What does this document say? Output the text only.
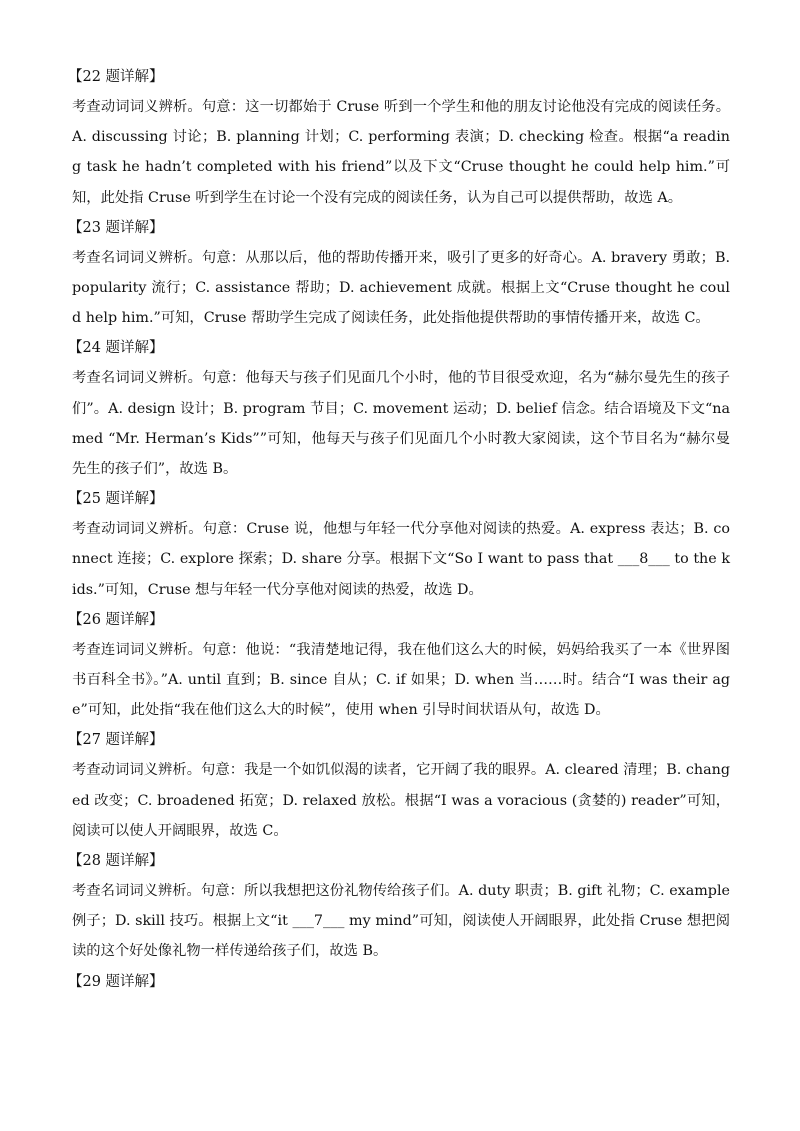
【22 题详解】

考查动词词义辨析。句意：这一切都始于 Cruse 听到一个学生和他的朋友讨论他没有完成的阅读任务。A. discussing 讨论；B. planning 计划；C. performing 表演；D. checking 检查。根据“a reading task he hadn’t completed with his friend”以及下文“Cruse thought he could help him.”可知，此处指 Cruse 听到学生在讨论一个没有完成的阅读任务，认为自己可以提供帮助，故选 A。

【23 题详解】

考查名词词义辨析。句意：从那以后，他的帮助传播开来，吸引了更多的好奇心。A. bravery 勇敢；B. popularity 流行；C. assistance 帮助；D. achievement 成就。根据上文“Cruse thought he could help him.”可知，Cruse 帮助学生完成了阅读任务，此处指他提供帮助的事情传播开来，故选 C。

【24 题详解】

考查名词词义辨析。句意：他每天与孩子们见面几个小时，他的节目很受欢迎，名为“赫尔曼先生的孩子们”。A. design 设计；B. program 节目；C. movement 运动；D. belief 信念。结合语境及下文“named “Mr. Herman’s Kids””可知，他每天与孩子们见面几个小时教大家阅读，这个节目名为“赫尔曼先生的孩子们”，故选 B。

【25 题详解】

考查动词词义辨析。句意：Cruse 说，他想与年轻一代分享他对阅读的热爱。A. express 表达；B. connect 连接；C. explore 探索；D. share 分享。根据下文“So I want to pass that ___8___ to the kids.”可知，Cruse 想与年轻一代分享他对阅读的热爱，故选 D。

【26 题详解】

考查连词词义辨析。句意：他说：“我清楚地记得，我在他们这么大的时候，妈妈给我买了一本《世界图书百科全书》。”A. until 直到；B. since 自从；C. if 如果；D. when 当……时。结合“I was their age”可知，此处指“我在他们这么大的时候”，使用 when 引导时间状语从句，故选 D。

【27 题详解】

考查动词词义辨析。句意：我是一个如饥似渴的读者，它开阔了我的眼界。A. cleared 清理；B. changed 改变；C. broadened 拓宽；D. relaxed 放松。根据“I was a voracious (贪婪的) reader”可知，阅读可以使人开阔眼界，故选 C。

【28 题详解】

考查名词词义辨析。句意：所以我想把这份礼物传给孩子们。A. duty 职责；B. gift 礼物；C. example 例子；D. skill 技巧。根据上文“it ___7___ my mind”可知，阅读使人开阔眼界，此处指 Cruse 想把阅读的这个好处像礼物一样传递给孩子们，故选 B。

【29 题详解】
